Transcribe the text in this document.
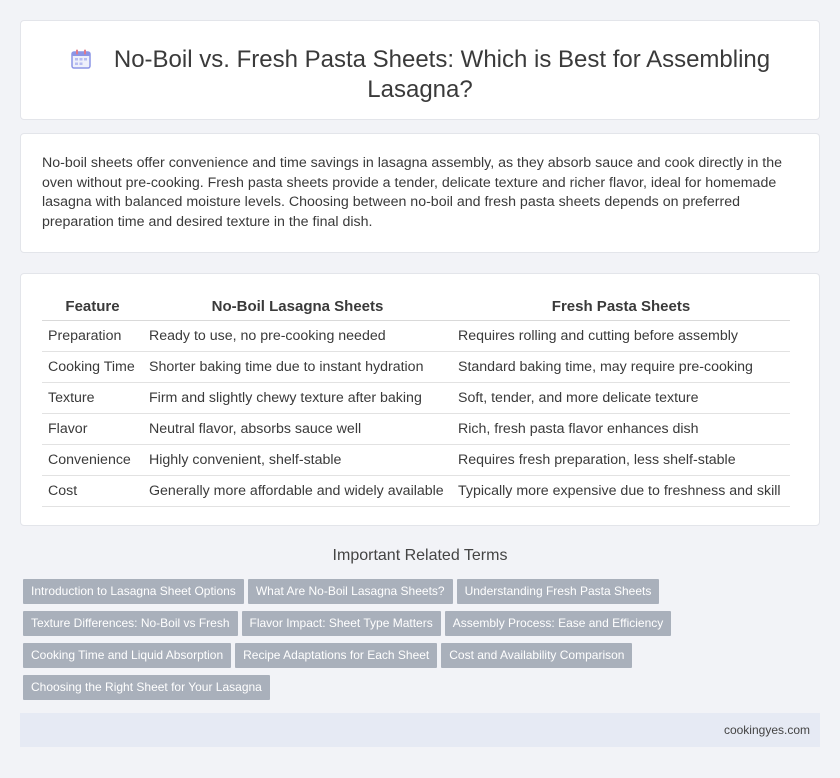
No-Boil vs. Fresh Pasta Sheets: Which is Best for Assembling
Lasagna?

No-boil sheets offer convenience and time savings in lasagna assembly, as they absorb sauce and cook directly in the oven without pre-cooking. Fresh pasta sheets provide a tender, delicate texture and richer flavor, ideal for homemade lasagna with balanced moisture levels. Choosing between no-boil and fresh pasta sheets depends on preferred preparation time and desired texture in the final dish.

Feature	No-Boil Lasagna Sheets	Fresh Pasta Sheets
Preparation	Ready to use, no pre-cooking needed	Requires rolling and cutting before assembly
Cooking Time	Shorter baking time due to instant hydration	Standard baking time, may require pre-cooking
Texture	Firm and slightly chewy texture after baking	Soft, tender, and more delicate texture
Flavor	Neutral flavor, absorbs sauce well	Rich, fresh pasta flavor enhances dish
Convenience	Highly convenient, shelf-stable	Requires fresh preparation, less shelf-stable
Cost	Generally more affordable and widely available	Typically more expensive due to freshness and skill
Important Related Terms
Introduction to Lasagna Sheet Options What Are No-Boil Lasagna Sheets? Understanding Fresh Pasta Sheets
Texture Differences: No-Boil vs Fresh Flavor Impact: Sheet Type Matters Assembly Process: Ease and Efficiency
Cooking Time and Liquid Absorption Recipe Adaptations for Each Sheet Cost and Availability Comparison
Choosing the Right Sheet for Your Lasagna
cookingyes.com
